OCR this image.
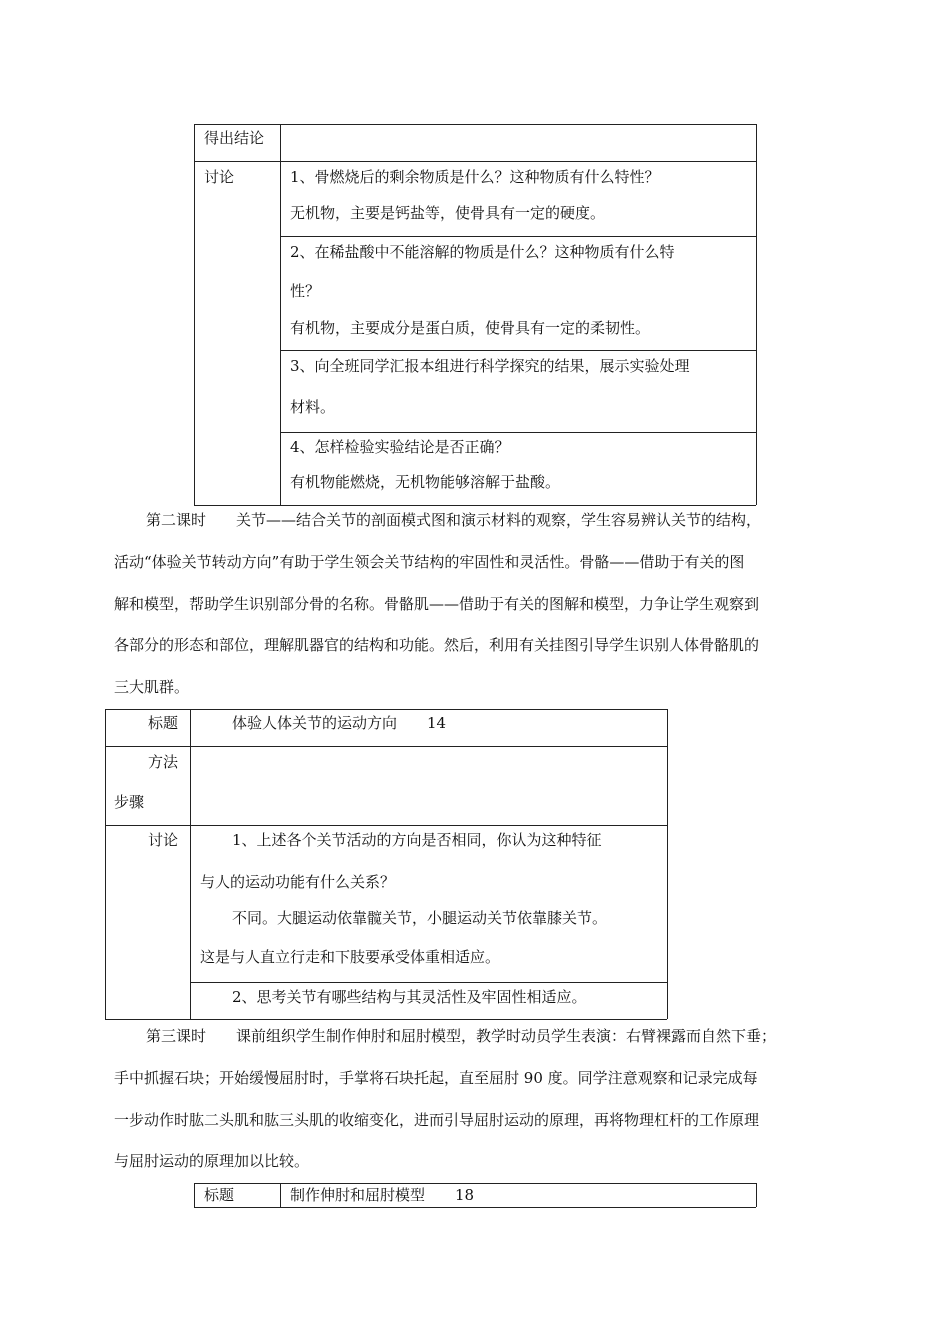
得出结论
讨论	1、骨燃烧后的剩余物质是什么？这种物质有什么特性？
无机物，主要是钙盐等，使骨具有一定的硬度。
2、在稀盐酸中不能溶解的物质是什么？这种物质有什么特
性？
有机物，主要成分是蛋白质，使骨具有一定的柔韧性。
3、向全班同学汇报本组进行科学探究的结果，展示实验处理
材料。
4、怎样检验实验结论是否正确？
有机物能燃烧，无机物能够溶解于盐酸。
第二课时　　关节——结合关节的剖面模式图和演示材料的观察，学生容易辨认关节的结构，
活动“体验关节转动方向”有助于学生领会关节结构的牢固性和灵活性。骨骼——借助于有关的图
解和模型，帮助学生识别部分骨的名称。骨骼肌——借助于有关的图解和模型，力争让学生观察到
各部分的形态和部位，理解肌器官的结构和功能。然后，利用有关挂图引导学生识别人体骨骼肌的
三大肌群。
标题	体验人体关节的运动方向　　14
方法
步骤
讨论	1、上述各个关节活动的方向是否相同，你认为这种特征
与人的运动功能有什么关系？
不同。大腿运动依靠髋关节，小腿运动关节依靠膝关节。
这是与人直立行走和下肢要承受体重相适应。
2、思考关节有哪些结构与其灵活性及牢固性相适应。
第三课时　　课前组织学生制作伸肘和屈肘模型，教学时动员学生表演：右臂裸露而自然下垂；
手中抓握石块；开始缓慢屈肘时，手掌将石块托起，直至屈肘 90 度。同学注意观察和记录完成每
一步动作时肱二头肌和肱三头肌的收缩变化，进而引导屈肘运动的原理，再将物理杠杆的工作原理
与屈肘运动的原理加以比较。
标题	制作伸肘和屈肘模型　　18
